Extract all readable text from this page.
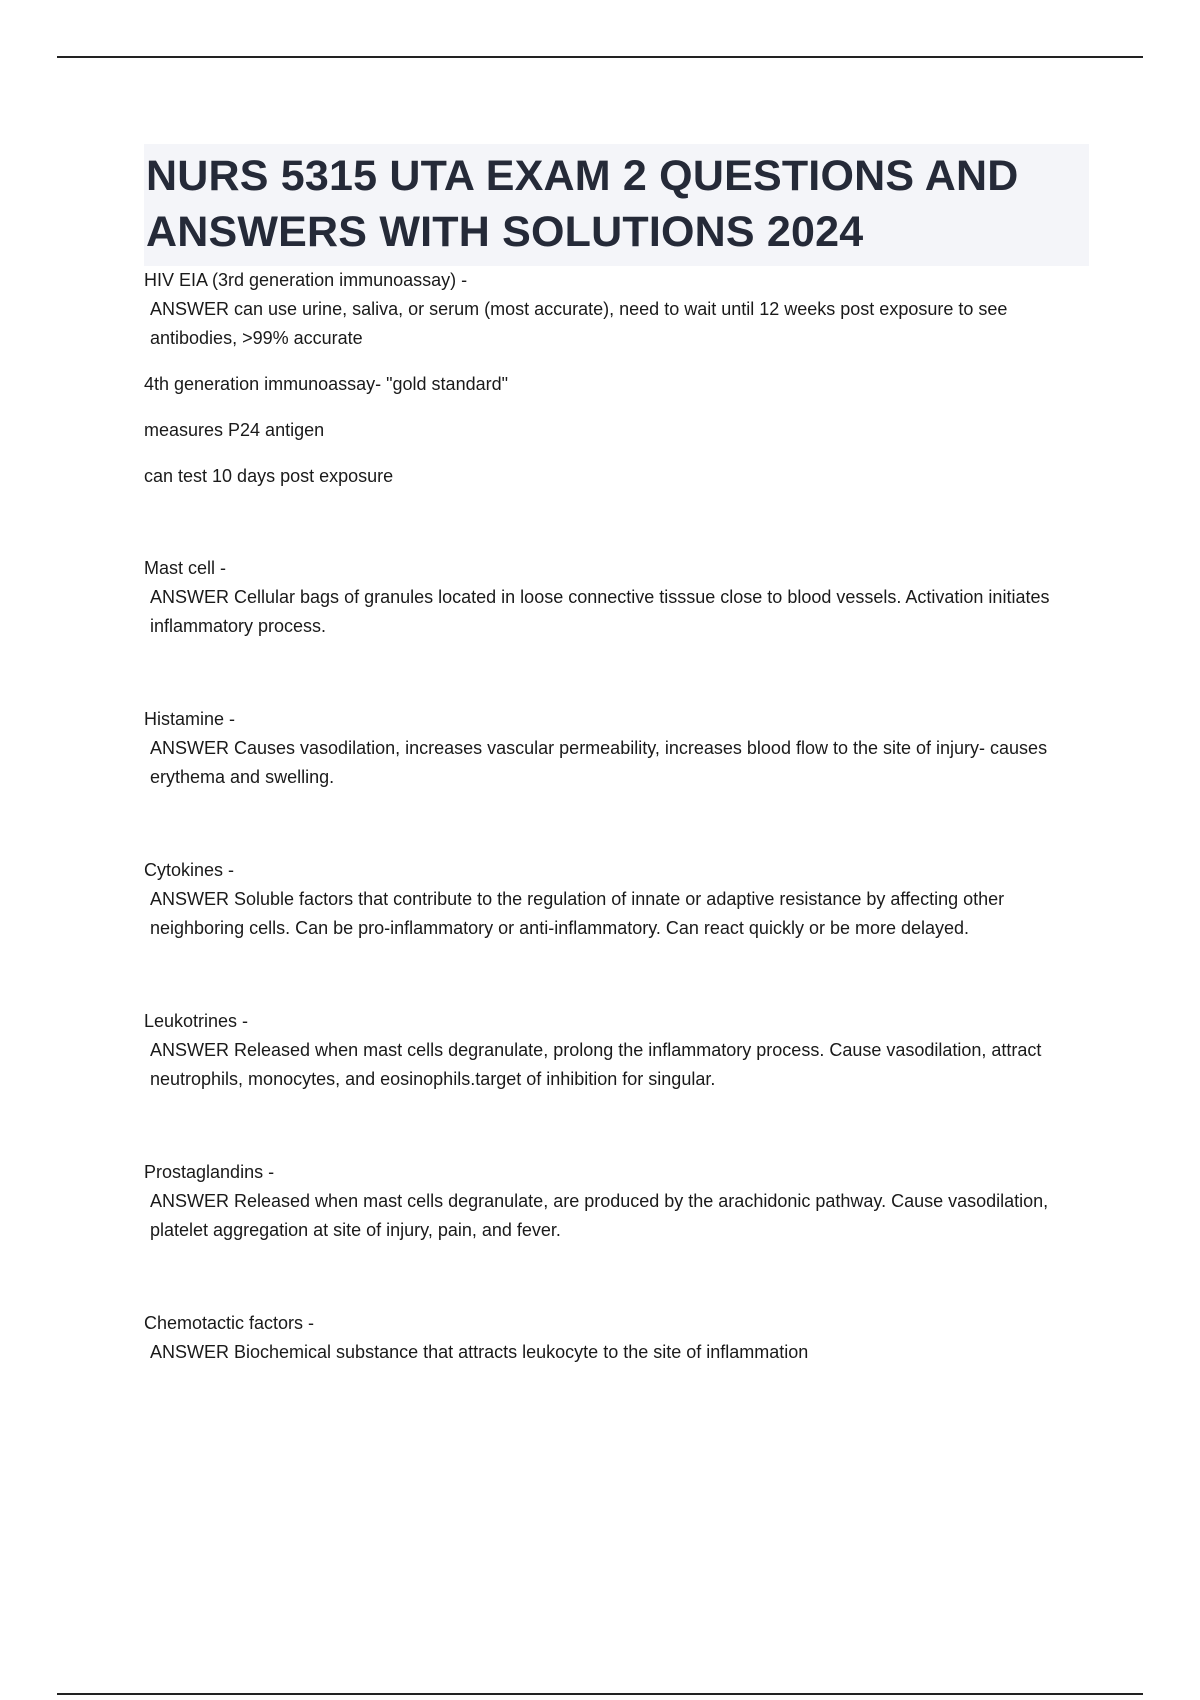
NURS 5315 UTA EXAM 2 QUESTIONS AND ANSWERS WITH SOLUTIONS 2024

HIV EIA (3rd generation immunoassay) -

ANSWER can use urine, saliva, or serum (most accurate), need to wait until 12 weeks post exposure to see antibodies, >99% accurate

4th generation immunoassay- "gold standard"

measures P24 antigen

can test 10 days post exposure

Mast cell -

ANSWER Cellular bags of granules located in loose connective tisssue close to blood vessels. Activation initiates inflammatory process.

Histamine -

ANSWER Causes vasodilation, increases vascular permeability, increases blood flow to the site of injury- causes erythema and swelling.

Cytokines -

ANSWER Soluble factors that contribute to the regulation of innate or adaptive resistance by affecting other neighboring cells. Can be pro-inflammatory or anti-inflammatory. Can react quickly or be more delayed.

Leukotrines -

ANSWER Released when mast cells degranulate, prolong the inflammatory process. Cause vasodilation, attract neutrophils, monocytes, and eosinophils.target of inhibition for singular.

Prostaglandins -

ANSWER Released when mast cells degranulate, are produced by the arachidonic pathway. Cause vasodilation, platelet aggregation at site of injury, pain, and fever.

Chemotactic factors -

ANSWER Biochemical substance that attracts leukocyte to the site of inflammation
